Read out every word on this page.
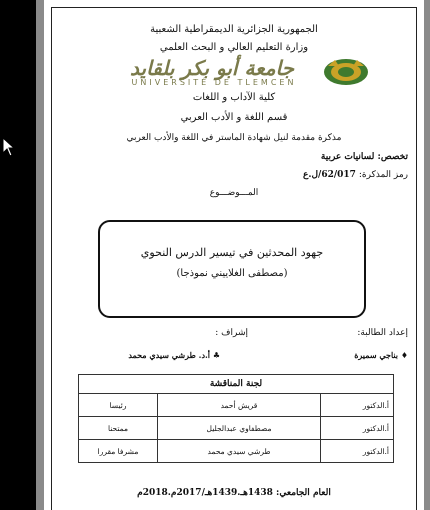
الجمهورية الجزائرية الديمقراطية الشعبية
وزارة التعليم العالي و البحث العلمي
جامعة أبو بكر بلقايد
UNIVERSITÉ DE TLEMCEN
كلية الآداب و اللغات
قسم اللغة و الأدب العربي
مذكرة مقدمة لنيل شهادة الماستر في اللغة والأدب العربي
تخصص: لسانيات عربية
رمز المذكرة: 62/017/ل.ع
المـــوضـــوع
جهود المحدثين في تيسير الدرس النحوي
(مصطفى الغلاييني نموذجا)
إعداد الطالبة:
إشراف :
♦ بناجي سميرة
♣ أ.د. طرشي سيدي محمد
لجنة المناقشة		
أ.الدكتور	قريش أحمد	رئيسا
أ.الدكتور	مصطفاوي عبدالجليل	ممتحنا
أ.الدكتور	طرشي سيدي محمد	مشرفا مقررا
العام الجامعي: 1438هـ.1439هـ/2017م.2018م
